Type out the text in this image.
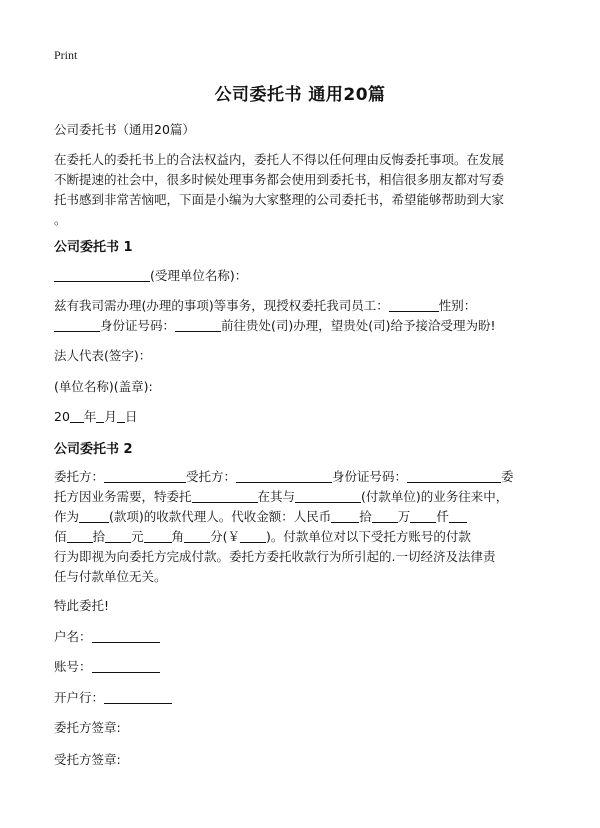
Print
公司委托书 通用20篇
公司委托书（通用20篇）
在委托人的委托书上的合法权益内，委托人不得以任何理由反悔委托事项。在发展
不断提速的社会中，很多时候处理事务都会使用到委托书，相信很多朋友都对写委
托书感到非常苦恼吧，下面是小编为大家整理的公司委托书，希望能够帮助到大家
。
公司委托书 1
(受理单位名称)：
兹有我司需办理(办理的事项)等事务，现授权委托我司员工：	性别：
身份证号码：	前往贵处(司)办理，望贵处(司)给予接洽受理为盼!
法人代表(签字)：
(单位名称)(盖章):
20 年 月 日
公司委托书 2
委托方：	受托方：	身份证号码：	委
托方因业务需要，特委托	在其与	(付款单位)的业务往来中，
作为 (款项)的收款代理人。代收金额：人民币 拾 万 仟
佰 拾 元 角 分(￥ )。付款单位对以下受托方账号的付款
行为即视为向委托方完成付款。委托方委托收款行为所引起的.一切经济及法律责
任与付款单位无关。
特此委托!
户名：
账号：
开户行：
委托方签章:
受托方签章:
